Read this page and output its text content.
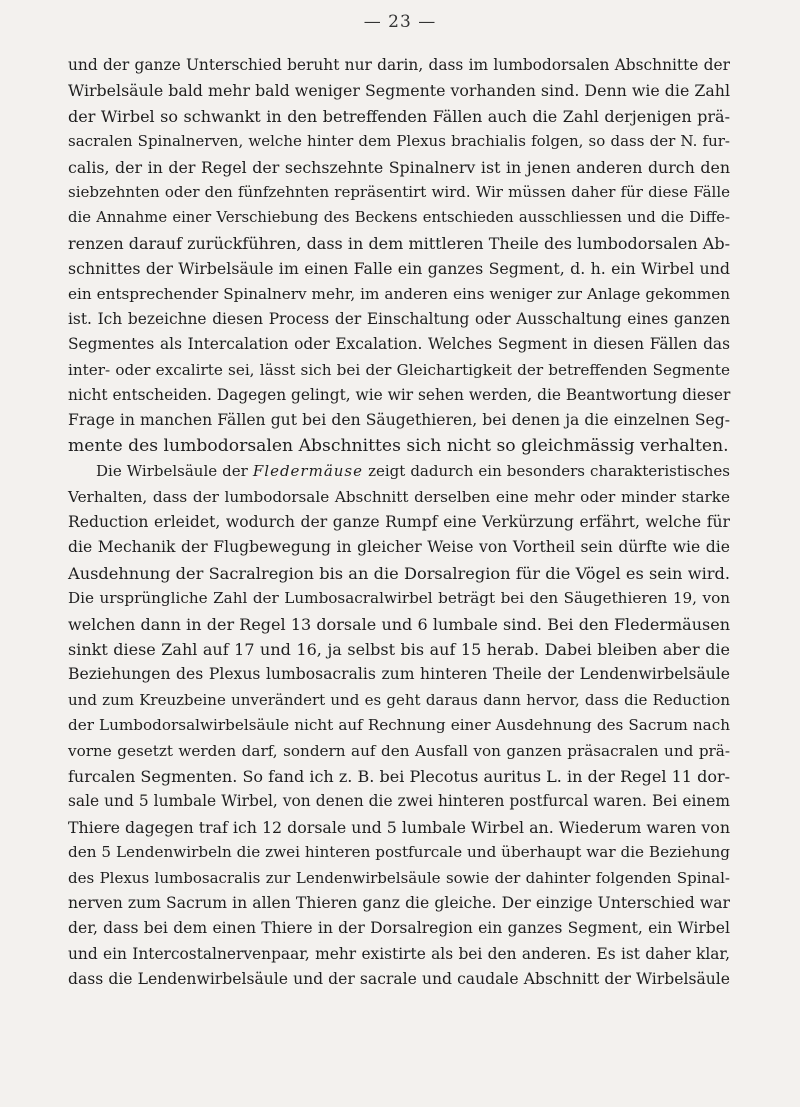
— 23 —
und der ganze Unterschied beruht nur darin, dass im lumbodorsalen Abschnitte der
Wirbelsäule bald mehr bald weniger Segmente vorhanden sind. Denn wie die Zahl
der Wirbel so schwankt in den betreffenden Fällen auch die Zahl derjenigen prä-
sacralen Spinalnerven, welche hinter dem Plexus brachialis folgen, so dass der N. fur-
calis, der in der Regel der sechszehnte Spinalnerv ist in jenen anderen durch den
siebzehnten oder den fünfzehnten repräsentirt wird. Wir müssen daher für diese Fälle
die Annahme einer Verschiebung des Beckens entschieden ausschliessen und die Diffe-
renzen darauf zurückführen, dass in dem mittleren Theile des lumbodorsalen Ab-
schnittes der Wirbelsäule im einen Falle ein ganzes Segment, d. h. ein Wirbel und
ein entsprechender Spinalnerv mehr, im anderen eins weniger zur Anlage gekommen
ist. Ich bezeichne diesen Process der Einschaltung oder Ausschaltung eines ganzen
Segmentes als Intercalation oder Excalation. Welches Segment in diesen Fällen das
inter- oder excalirte sei, lässt sich bei der Gleichartigkeit der betreffenden Segmente
nicht entscheiden. Dagegen gelingt, wie wir sehen werden, die Beantwortung dieser
Frage in manchen Fällen gut bei den Säugethieren, bei denen ja die einzelnen Seg-
mente des lumbodorsalen Abschnittes sich nicht so gleichmässig verhalten.
Die Wirbelsäule der Fledermäuse zeigt dadurch ein besonders charakteristisches
Verhalten, dass der lumbodorsale Abschnitt derselben eine mehr oder minder starke
Reduction erleidet, wodurch der ganze Rumpf eine Verkürzung erfährt, welche für
die Mechanik der Flugbewegung in gleicher Weise von Vortheil sein dürfte wie die
Ausdehnung der Sacralregion bis an die Dorsalregion für die Vögel es sein wird.
Die ursprüngliche Zahl der Lumbosacralwirbel beträgt bei den Säugethieren 19, von
welchen dann in der Regel 13 dorsale und 6 lumbale sind. Bei den Fledermäusen
sinkt diese Zahl auf 17 und 16, ja selbst bis auf 15 herab. Dabei bleiben aber die
Beziehungen des Plexus lumbosacralis zum hinteren Theile der Lendenwirbelsäule
und zum Kreuzbeine unverändert und es geht daraus dann hervor, dass die Reduction
der Lumbodorsalwirbelsäule nicht auf Rechnung einer Ausdehnung des Sacrum nach
vorne gesetzt werden darf, sondern auf den Ausfall von ganzen präsacralen und prä-
furcalen Segmenten. So fand ich z. B. bei Plecotus auritus L. in der Regel 11 dor-
sale und 5 lumbale Wirbel, von denen die zwei hinteren postfurcal waren. Bei einem
Thiere dagegen traf ich 12 dorsale und 5 lumbale Wirbel an. Wiederum waren von
den 5 Lendenwirbeln die zwei hinteren postfurcale und überhaupt war die Beziehung
des Plexus lumbosacralis zur Lendenwirbelsäule sowie der dahinter folgenden Spinal-
nerven zum Sacrum in allen Thieren ganz die gleiche. Der einzige Unterschied war
der, dass bei dem einen Thiere in der Dorsalregion ein ganzes Segment, ein Wirbel
und ein Intercostalnervenpaar, mehr existirte als bei den anderen. Es ist daher klar,
dass die Lendenwirbelsäule und der sacrale und caudale Abschnitt der Wirbelsäule
